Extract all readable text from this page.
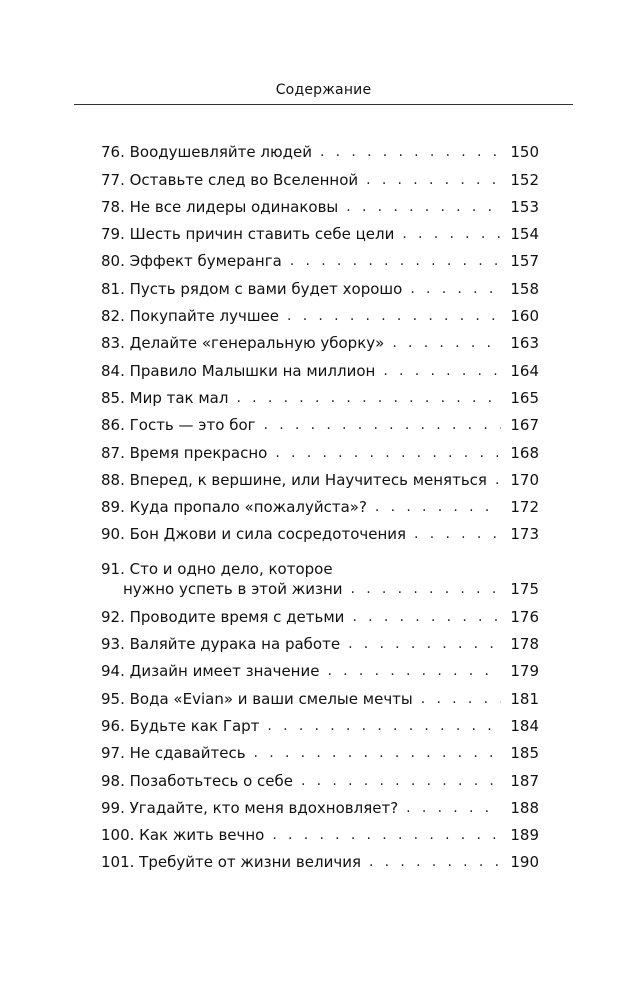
Содержание
76. Воодушевляйте людей . . .	150
77. Оставьте след во Вселенной . . .	152
78. Не все лидеры одинаковы . . .	153
79. Шесть причин ставить себе цели . . .	154
80. Эффект бумеранга . . .	157
81. Пусть рядом с вами будет хорошо . . .	158
82. Покупайте лучшее . . .	160
83. Делайте «генеральную уборку» . . .	163
84. Правило Малышки на миллион . . .	164
85. Мир так мал . . .	165
86. Гость — это бог . . .	167
87. Время прекрасно . . .	168
88. Вперед, к вершине, или Научитесь меняться . . . 170
89. Куда пропало «пожалуйста»? . . .	172
90. Бон Джови и сила сосредоточения . . .	173
91. Сто и одно дело, которое
нужно успеть в этой жизни . . .	175
92. Проводите время с детьми . . .	176
93. Валяйте дурака на работе . . .	178
94. Дизайн имеет значение . . .	179
95. Вода «Evian» и ваши смелые мечты . . .	181
96. Будьте как Гарт . . .	184
97. Не сдавайтесь . . .	185
98. Позаботьтесь о себе . . .	187
99. Угадайте, кто меня вдохновляет? . . .	188
100. Как жить вечно . . .	189
101. Требуйте от жизни величия . . .	190
